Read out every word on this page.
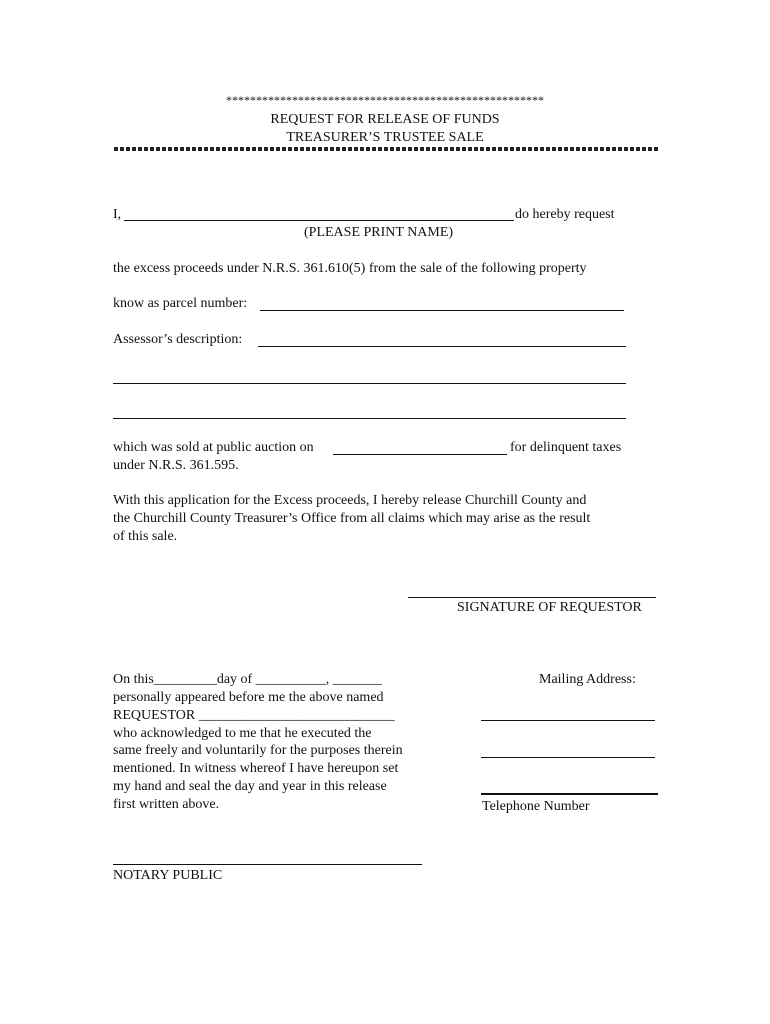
*****************************************************
REQUEST FOR RELEASE OF FUNDS
TREASURER’S TRUSTEE SALE
I,	do hereby request
(PLEASE PRINT NAME)
the excess proceeds under N.R.S. 361.610(5) from the sale of the following property
know as parcel number:
Assessor’s description:
which was sold at public auction on	for delinquent taxes
under N.R.S. 361.595.
With this application for the Excess proceeds, I hereby release Churchill County and
the Churchill County Treasurer’s Office from all claims which may arise as the result
of this sale.
SIGNATURE OF REQUESTOR
On this_________day of __________, _______
personally appeared before me the above named
REQUESTOR ____________________________
who acknowledged to me that he executed the
same freely and voluntarily for the purposes therein
mentioned. In witness whereof I have hereupon set
my hand and seal the day and year in this release
first written above.
NOTARY PUBLIC
Mailing Address:
Telephone Number
